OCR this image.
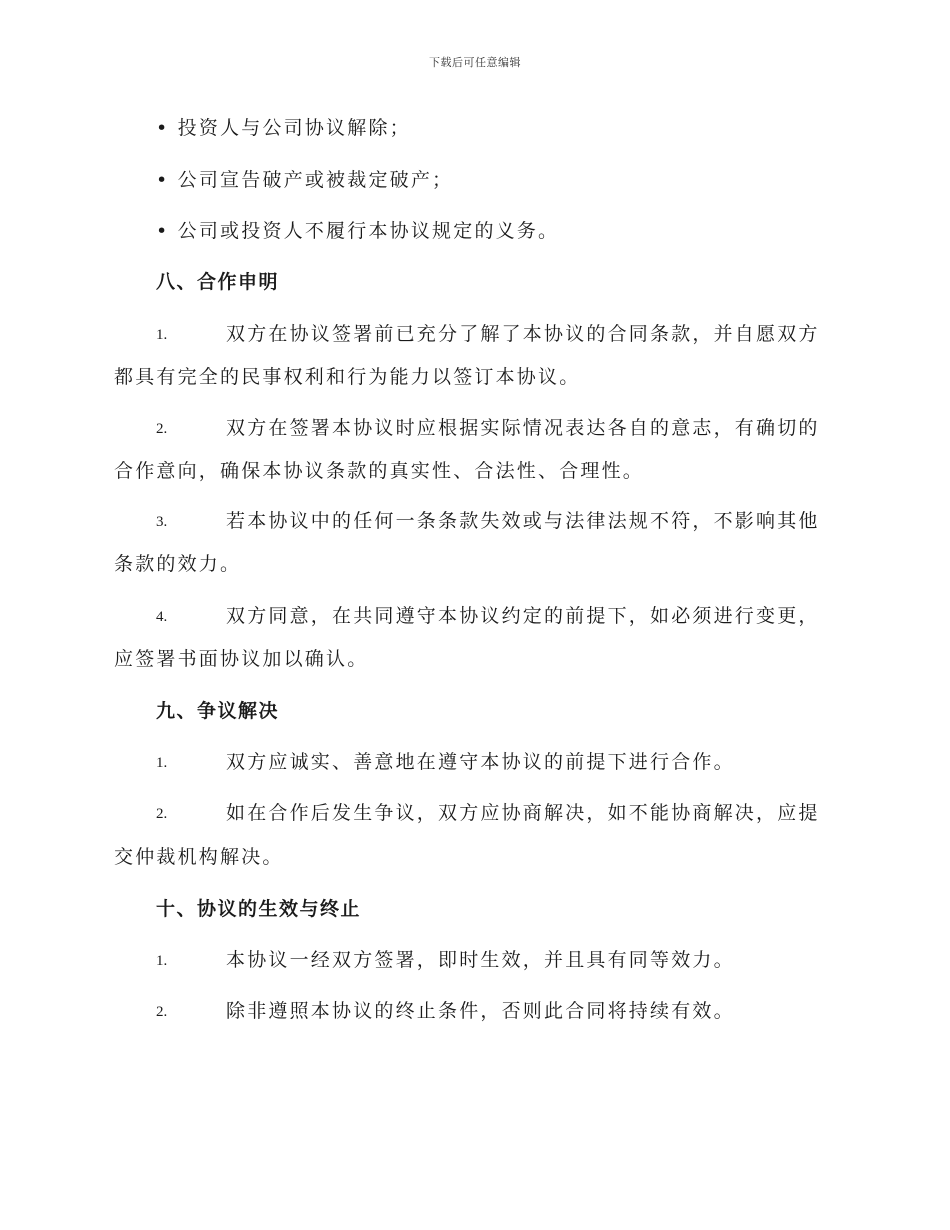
下载后可任意编辑
• 投资人与公司协议解除；
• 公司宣告破产或被裁定破产；
• 公司或投资人不履行本协议规定的义务。
八、合作申明
1.	双方在协议签署前已充分了解了本协议的合同条款，并自愿双方
都具有完全的民事权利和行为能力以签订本协议。
2.	双方在签署本协议时应根据实际情况表达各自的意志，有确切的
合作意向，确保本协议条款的真实性、合法性、合理性。
3.	若本协议中的任何一条条款失效或与法律法规不符，不影响其他
条款的效力。
4.	双方同意，在共同遵守本协议约定的前提下，如必须进行变更，
应签署书面协议加以确认。
九、争议解决
1.	双方应诚实、善意地在遵守本协议的前提下进行合作。
2.	如在合作后发生争议，双方应协商解决，如不能协商解决，应提
交仲裁机构解决。
十、协议的生效与终止
1.	本协议一经双方签署，即时生效，并且具有同等效力。
2.	除非遵照本协议的终止条件，否则此合同将持续有效。
